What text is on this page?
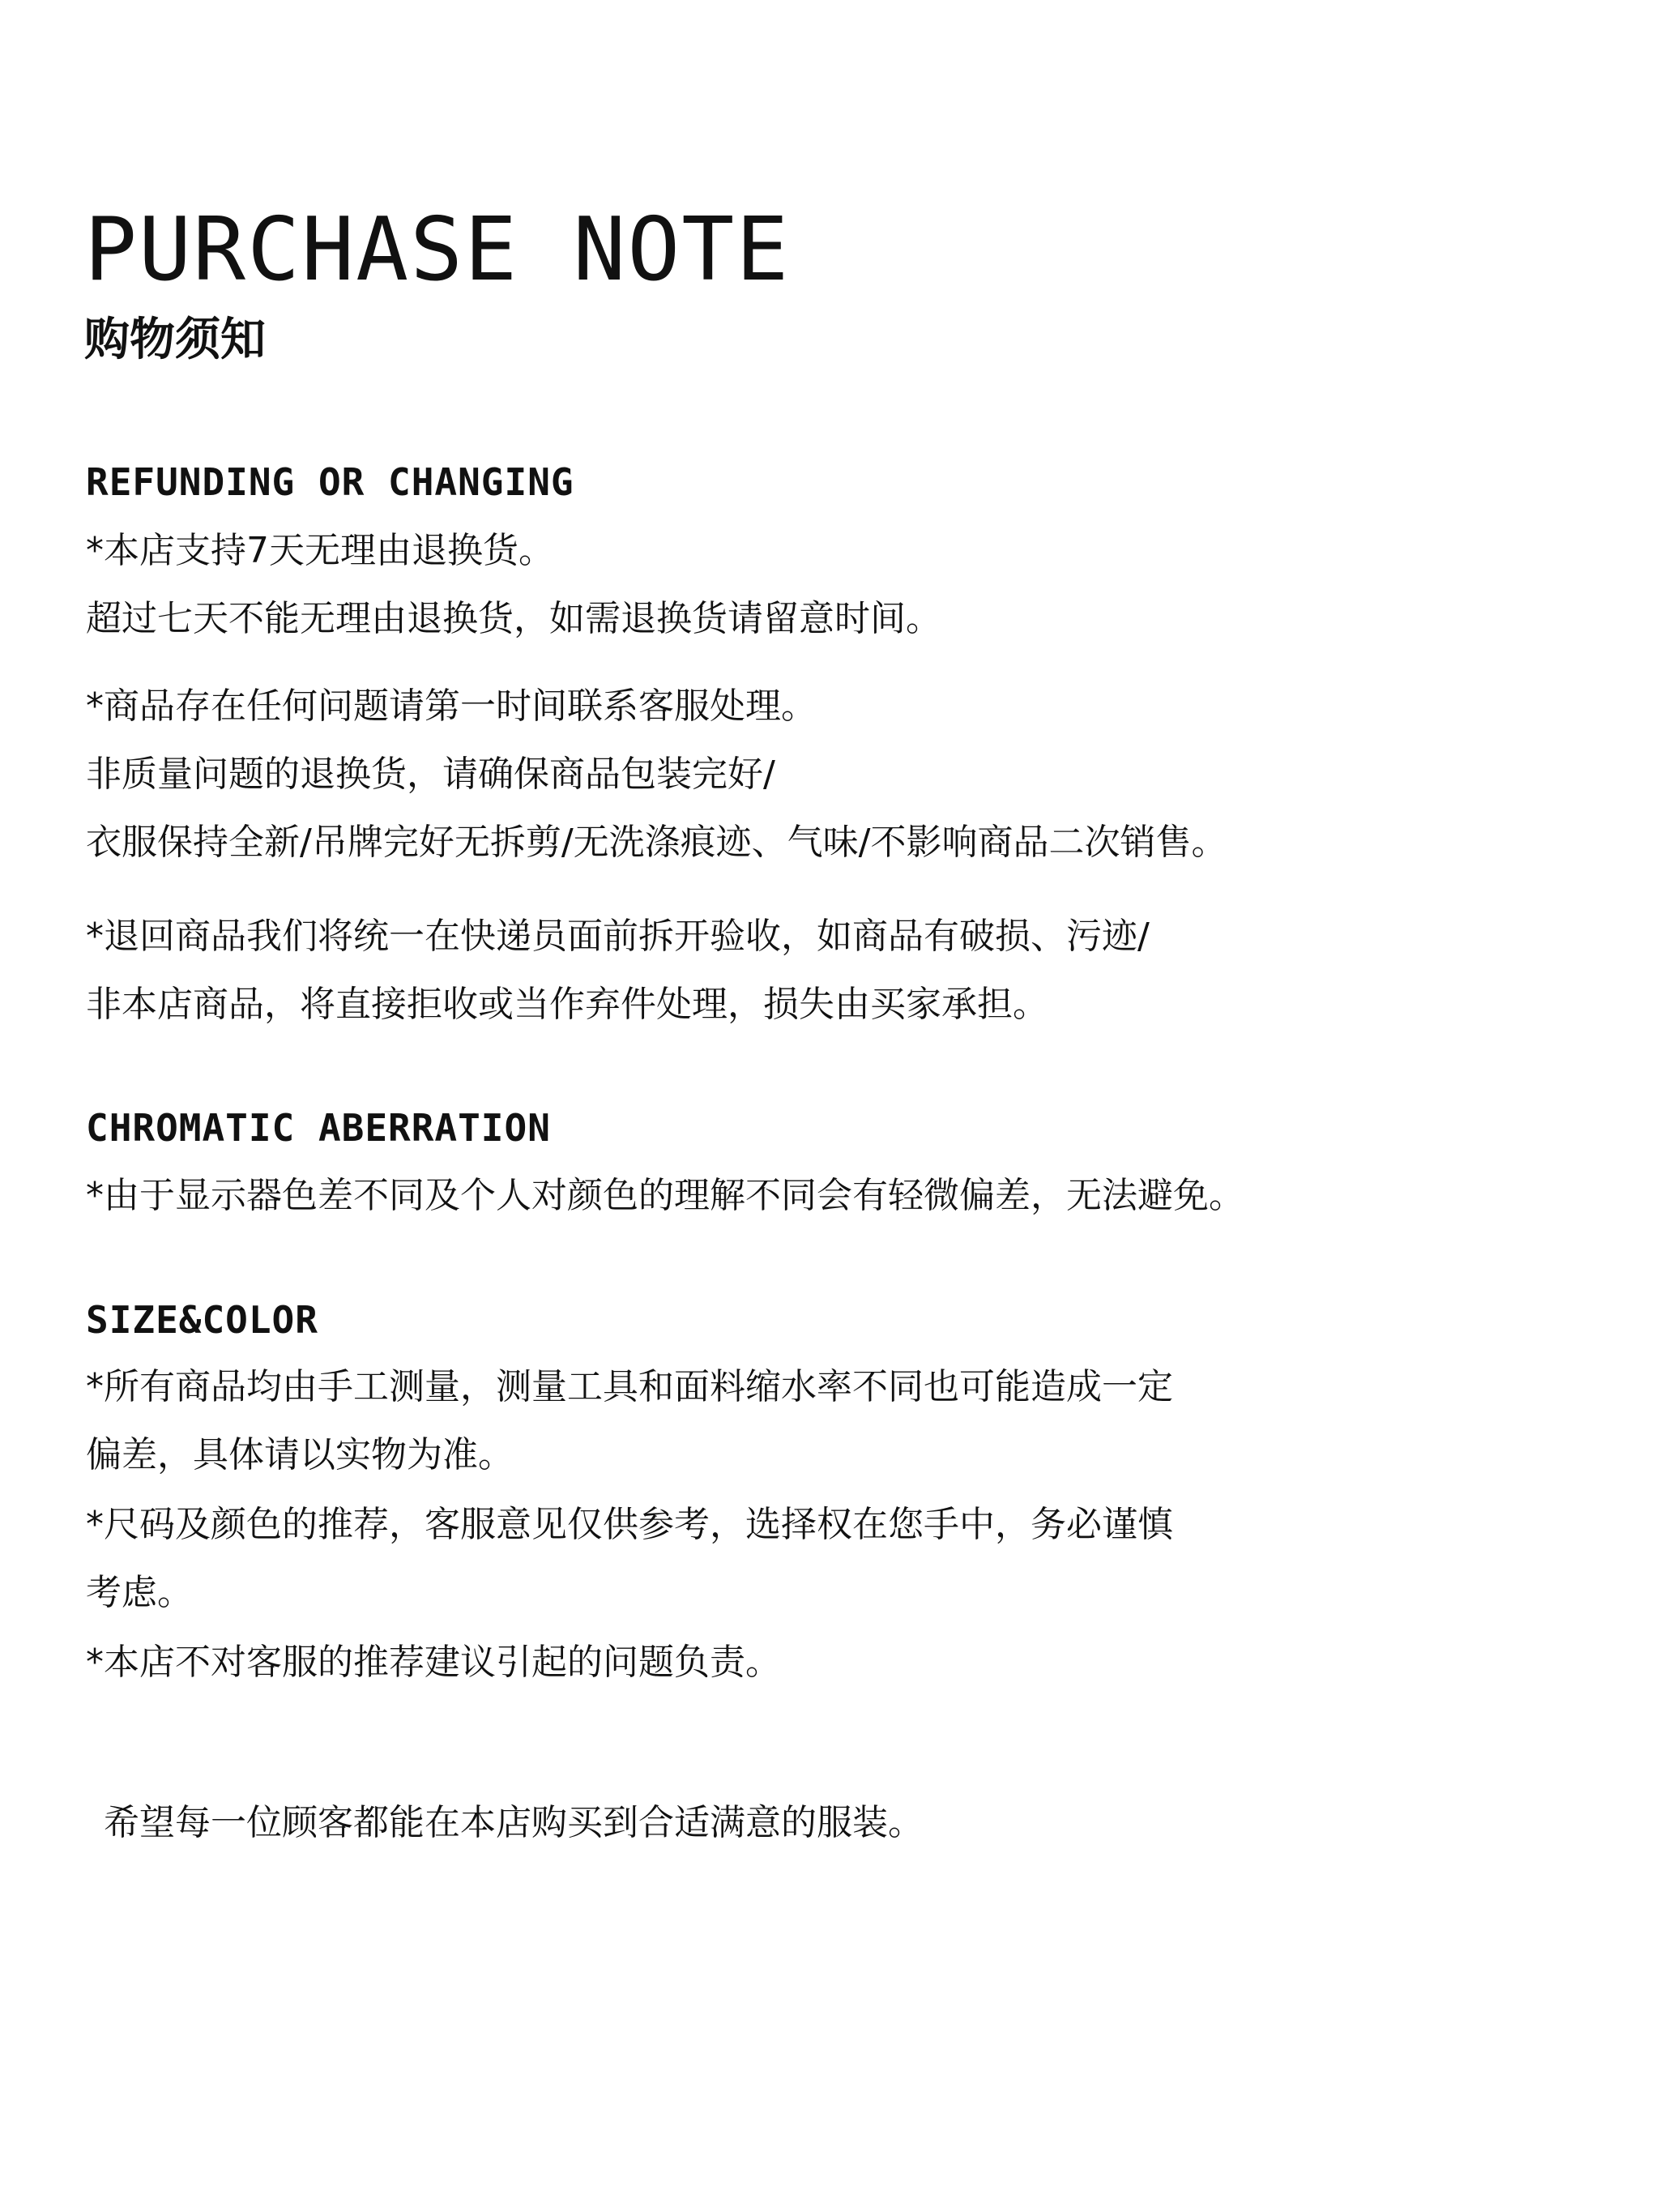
PURCHASE NOTE
购物须知
REFUNDING OR CHANGING

*本店支持7天无理由退换货。

超过七天不能无理由退换货，如需退换货请留意时间。

*商品存在任何问题请第一时间联系客服处理。

非质量问题的退换货，请确保商品包装完好/

衣服保持全新/吊牌完好无拆剪/无洗涤痕迹、气味/不影响商品二次销售。

*退回商品我们将统一在快递员面前拆开验收，如商品有破损、污迹/

非本店商品，将直接拒收或当作弃件处理，损失由买家承担。

CHROMATIC ABERRATION

*由于显示器色差不同及个人对颜色的理解不同会有轻微偏差，无法避免。

SIZE&COLOR

*所有商品均由手工测量，测量工具和面料缩水率不同也可能造成一定

偏差，具体请以实物为准。

*尺码及颜色的推荐，客服意见仅供参考，选择权在您手中，务必谨慎

考虑。

*本店不对客服的推荐建议引起的问题负责。

希望每一位顾客都能在本店购买到合适满意的服装。
